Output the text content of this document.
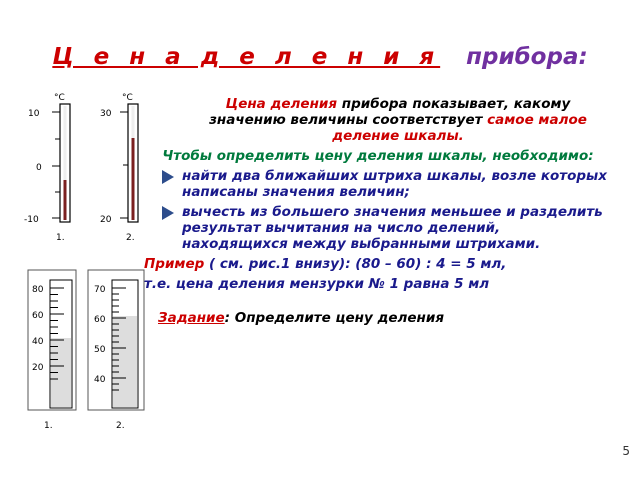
Ц е н а д е л е н и я прибора:
°C
10
0
-10
1.
°C
30
20
2.
80
60
40
20
1.
70
60
50
40
2.
Цена деления прибора показывает, какому значению величины соответствует самое малое деление шкалы.
Чтобы определить цену деления шкалы, необходимо:
найти два ближайших штриха шкалы, возле которых написаны значения величин;
вычесть из большего значения меньшее и разделить результат вычитания на число делений, находящихся между выбранными штрихами.
Пример ( см. рис.1 внизу): (80 – 60) : 4 = 5 мл,
т.е. цена деления мензурки № 1 равна 5 мл
Задание: Определите цену деления
5
